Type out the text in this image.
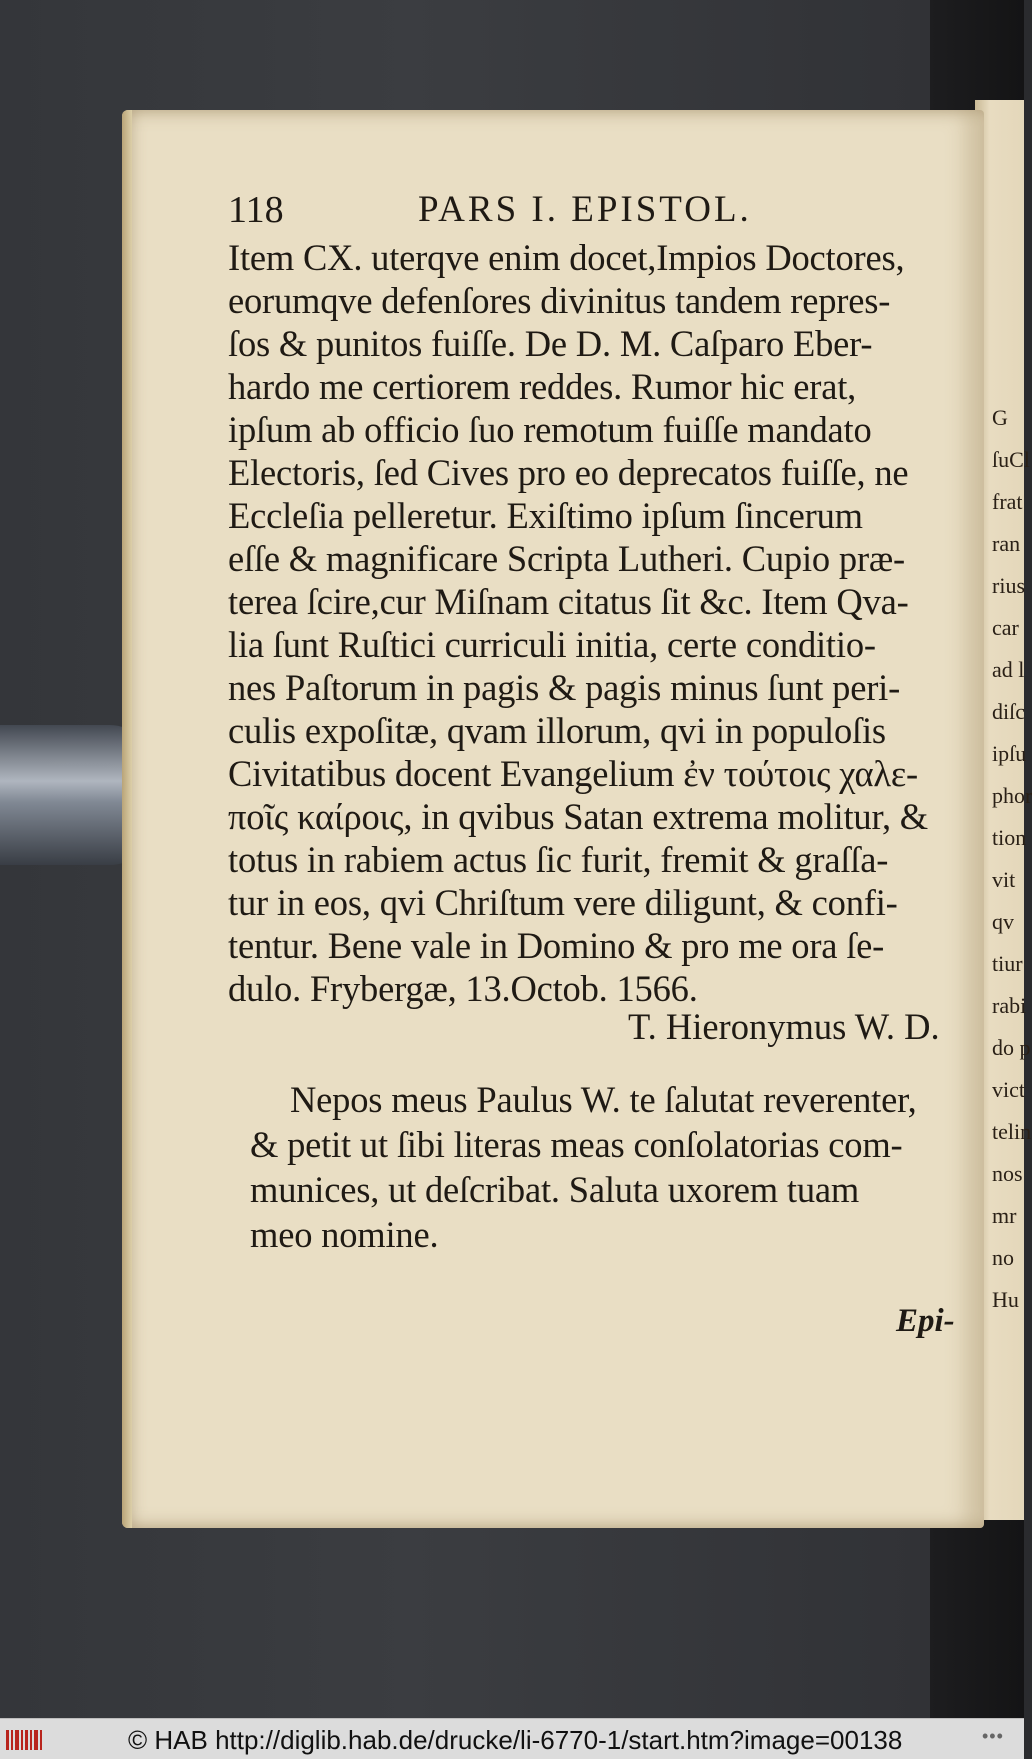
G
ſuCl
frat
ran
rius
car
ad l
diſc
ipſu
phor
tion
vit
qv
tiur
rabi
do p
vict
telin
nos
mr
no
Hu
118	PARS I. EPISTOL.
Item CX. uterqve enim docet,Impios Doctores,
eorumqve defenſores divinitus tandem repres-
ſos & punitos fuiſſe. De D. M. Caſparo Eber-
hardo me certiorem reddes. Rumor hic erat,
ipſum ab officio ſuo remotum fuiſſe mandato
Electoris, ſed Cives pro eo deprecatos fuiſſe, ne
Eccleſia pelleretur. Exiſtimo ipſum ſincerum
eſſe & magnificare Scripta Lutheri. Cupio præ-
terea ſcire,cur Miſnam citatus ſit &c. Item Qva-
lia ſunt Ruſtici curriculi initia, certe conditio-
nes Paſtorum in pagis & pagis minus ſunt peri-
culis expoſitæ, qvam illorum, qvi in populoſis
Civitatibus docent Evangelium ἐν τούτοις χαλε-
ποῖς καίροις, in qvibus Satan extrema molitur, &
totus in rabiem actus ſic furit, fremit & graſſa-
tur in eos, qvi Chriſtum vere diligunt, & confi-
tentur. Bene vale in Domino & pro me ora ſe-
dulo. Frybergæ, 13.Octob. 1566.
T. Hieronymus W. D.
Nepos meus Paulus W. te ſalutat reverenter,
& petit ut ſibi literas meas conſolatorias com-
munices, ut deſcribat. Saluta uxorem tuam
meo nomine.
Epi-
© HAB http://diglib.hab.de/drucke/li-6770-1/start.htm?image=00138	•••
